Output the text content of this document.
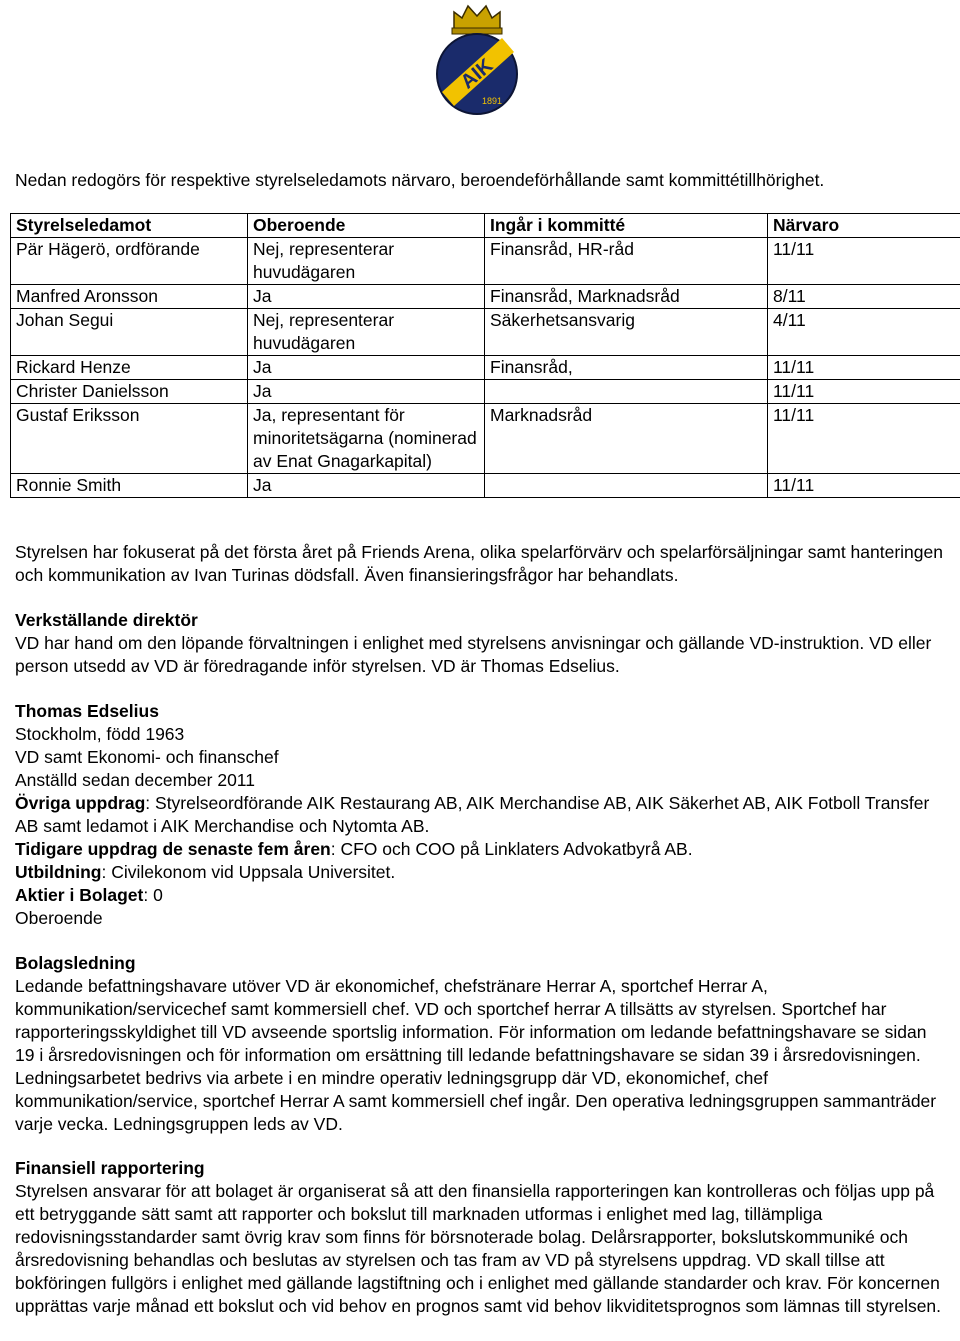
AIK
1891

Nedan redogörs för respektive styrelseledamots närvaro, beroendeförhållande samt kommittétillhörighet.

Styrelseledamot	Oberoende	Ingår i kommitté	Närvaro
Pär Hägerö, ordförande	Nej, representerar huvudägaren	Finansråd, HR-råd	11/11
Manfred Aronsson	Ja	Finansråd, Marknadsråd	8/11
Johan Segui	Nej, representerar huvudägaren	Säkerhetsansvarig	4/11
Rickard Henze	Ja	Finansråd,	11/11
Christer Danielsson	Ja		11/11
Gustaf Eriksson	Ja, representant för minoritetsägarna (nominerad av Enat Gnagarkapital)	Marknadsråd	11/11
Ronnie Smith	Ja		11/11

Styrelsen har fokuserat på det första året på Friends Arena, olika spelarförvärv och spelarförsäljningar samt hanteringen och kommunikation av Ivan Turinas dödsfall. Även finansieringsfrågor har behandlats.

Verkställande direktör

VD har hand om den löpande förvaltningen i enlighet med styrelsens anvisningar och gällande VD-instruktion. VD eller person utsedd av VD är föredragande inför styrelsen. VD är Thomas Edselius.

Thomas Edselius

Stockholm, född 1963

VD samt Ekonomi- och finanschef

Anställd sedan december 2011

Övriga uppdrag: Styrelseordförande AIK Restaurang AB, AIK Merchandise AB, AIK Säkerhet AB, AIK Fotboll Transfer AB samt ledamot i AIK Merchandise och Nytomta AB.

Tidigare uppdrag de senaste fem åren: CFO och COO på Linklaters Advokatbyrå AB.

Utbildning: Civilekonom vid Uppsala Universitet.

Aktier i Bolaget: 0

Oberoende

Bolagsledning

Ledande befattningshavare utöver VD är ekonomichef, chefstränare Herrar A, sportchef Herrar A, kommunikation/servicechef samt kommersiell chef. VD och sportchef herrar A tillsätts av styrelsen. Sportchef har rapporteringsskyldighet till VD avseende sportslig information. För information om ledande befattningshavare se sidan 19 i årsredovisningen och för information om ersättning till ledande befattningshavare se sidan 39 i årsredovisningen. Ledningsarbetet bedrivs via arbete i en mindre operativ ledningsgrupp där VD, ekonomichef, chef kommunikation/service, sportchef Herrar A samt kommersiell chef ingår. Den operativa ledningsgruppen sammanträder varje vecka. Ledningsgruppen leds av VD.

Finansiell rapportering

Styrelsen ansvarar för att bolaget är organiserat så att den finansiella rapporteringen kan kontrolleras och följas upp på ett betryggande sätt samt att rapporter och bokslut till marknaden utformas i enlighet med lag, tillämpliga redovisningsstandarder samt övrig krav som finns för börsnoterade bolag. Delårsrapporter, bokslutskommuniké och årsredovisning behandlas och beslutas av styrelsen och tas fram av VD på styrelsens uppdrag. VD skall tillse att bokföringen fullgörs i enlighet med gällande lagstiftning och i enlighet med gällande standarder och krav. För koncernen upprättas varje månad ett bokslut och vid behov en prognos samt vid behov likviditetsprognos som lämnas till styrelsen.
